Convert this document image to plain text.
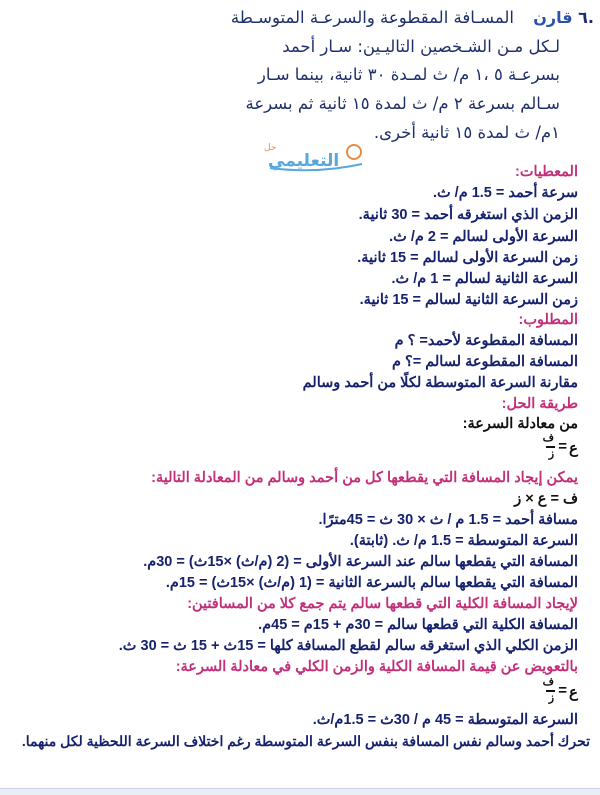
.٦ قارن
المسـافة المقطوعة والسرعـة المتوسـطة
لـكل مـن الشـخصين التاليـين: سـار أحمد
بسرعـة ٥ ،١ م/ ث لمـدة ٣٠ ثانية، بينما سـار
سـالم بسرعة ٢ م/ ث لمدة ١٥ ثانية ثم بسرعة
١م/ ث لمدة ١٥ ثانية أخرى.
حل
التعليمي
المعطيات:
سرعة أحمد = 1.5 م/ ث.
الزمن الذي استغرقه أحمد = 30 ثانية.
السرعة الأولى لسالم = 2 م/ ث.
زمن السرعة الأولى لسالم = 15 ثانية.
السرعة الثانية لسالم = 1 م/ ث.
زمن السرعة الثانية لسالم = 15 ثانية.
المطلوب:
المسافة المقطوعة لأحمد= ؟ م
المسافة المقطوعة لسالم =؟ م
مقارنة السرعة المتوسطة لكلًا من أحمد وسالم
طريقة الحل:
من معادلة السرعة:
ع
=
ف
ز
يمكن إيجاد المسافة التي يقطعها كل من أحمد وسالم من المعادلة التالية:
ف = ع × ز
مسافة أحمد = 1.5 م / ث × 30 ث = 45مترًا.
السرعة المتوسطة = 1.5 م/ ث. (ثابتة).
المسافة التي يقطعها سالم عند السرعة الأولى = (2 (م/ث) ×15ث) = 30م.
المسافة التي يقطعها سالم بالسرعة الثانية = (1 (م/ث) ×15ث) = 15م.
لإيجاد المسافة الكلية التي قطعها سالم يتم جمع كلا من المسافتين:
المسافة الكلية التي قطعها سالم = 30م + 15م = 45م.
الزمن الكلي الذي استغرقه سالم لقطع المسافة كلها = 15ث + 15 ث = 30 ث.
بالتعويض عن قيمة المسافة الكلية والزمن الكلي في معادلة السرعة:
ع
=
ف
ز
السرعة المتوسطة = 45 م / 30ث = 1.5م/ث.
تحرك أحمد وسالم نفس المسافة بنفس السرعة المتوسطة رغم اختلاف السرعة اللحظية لكل منهما.
